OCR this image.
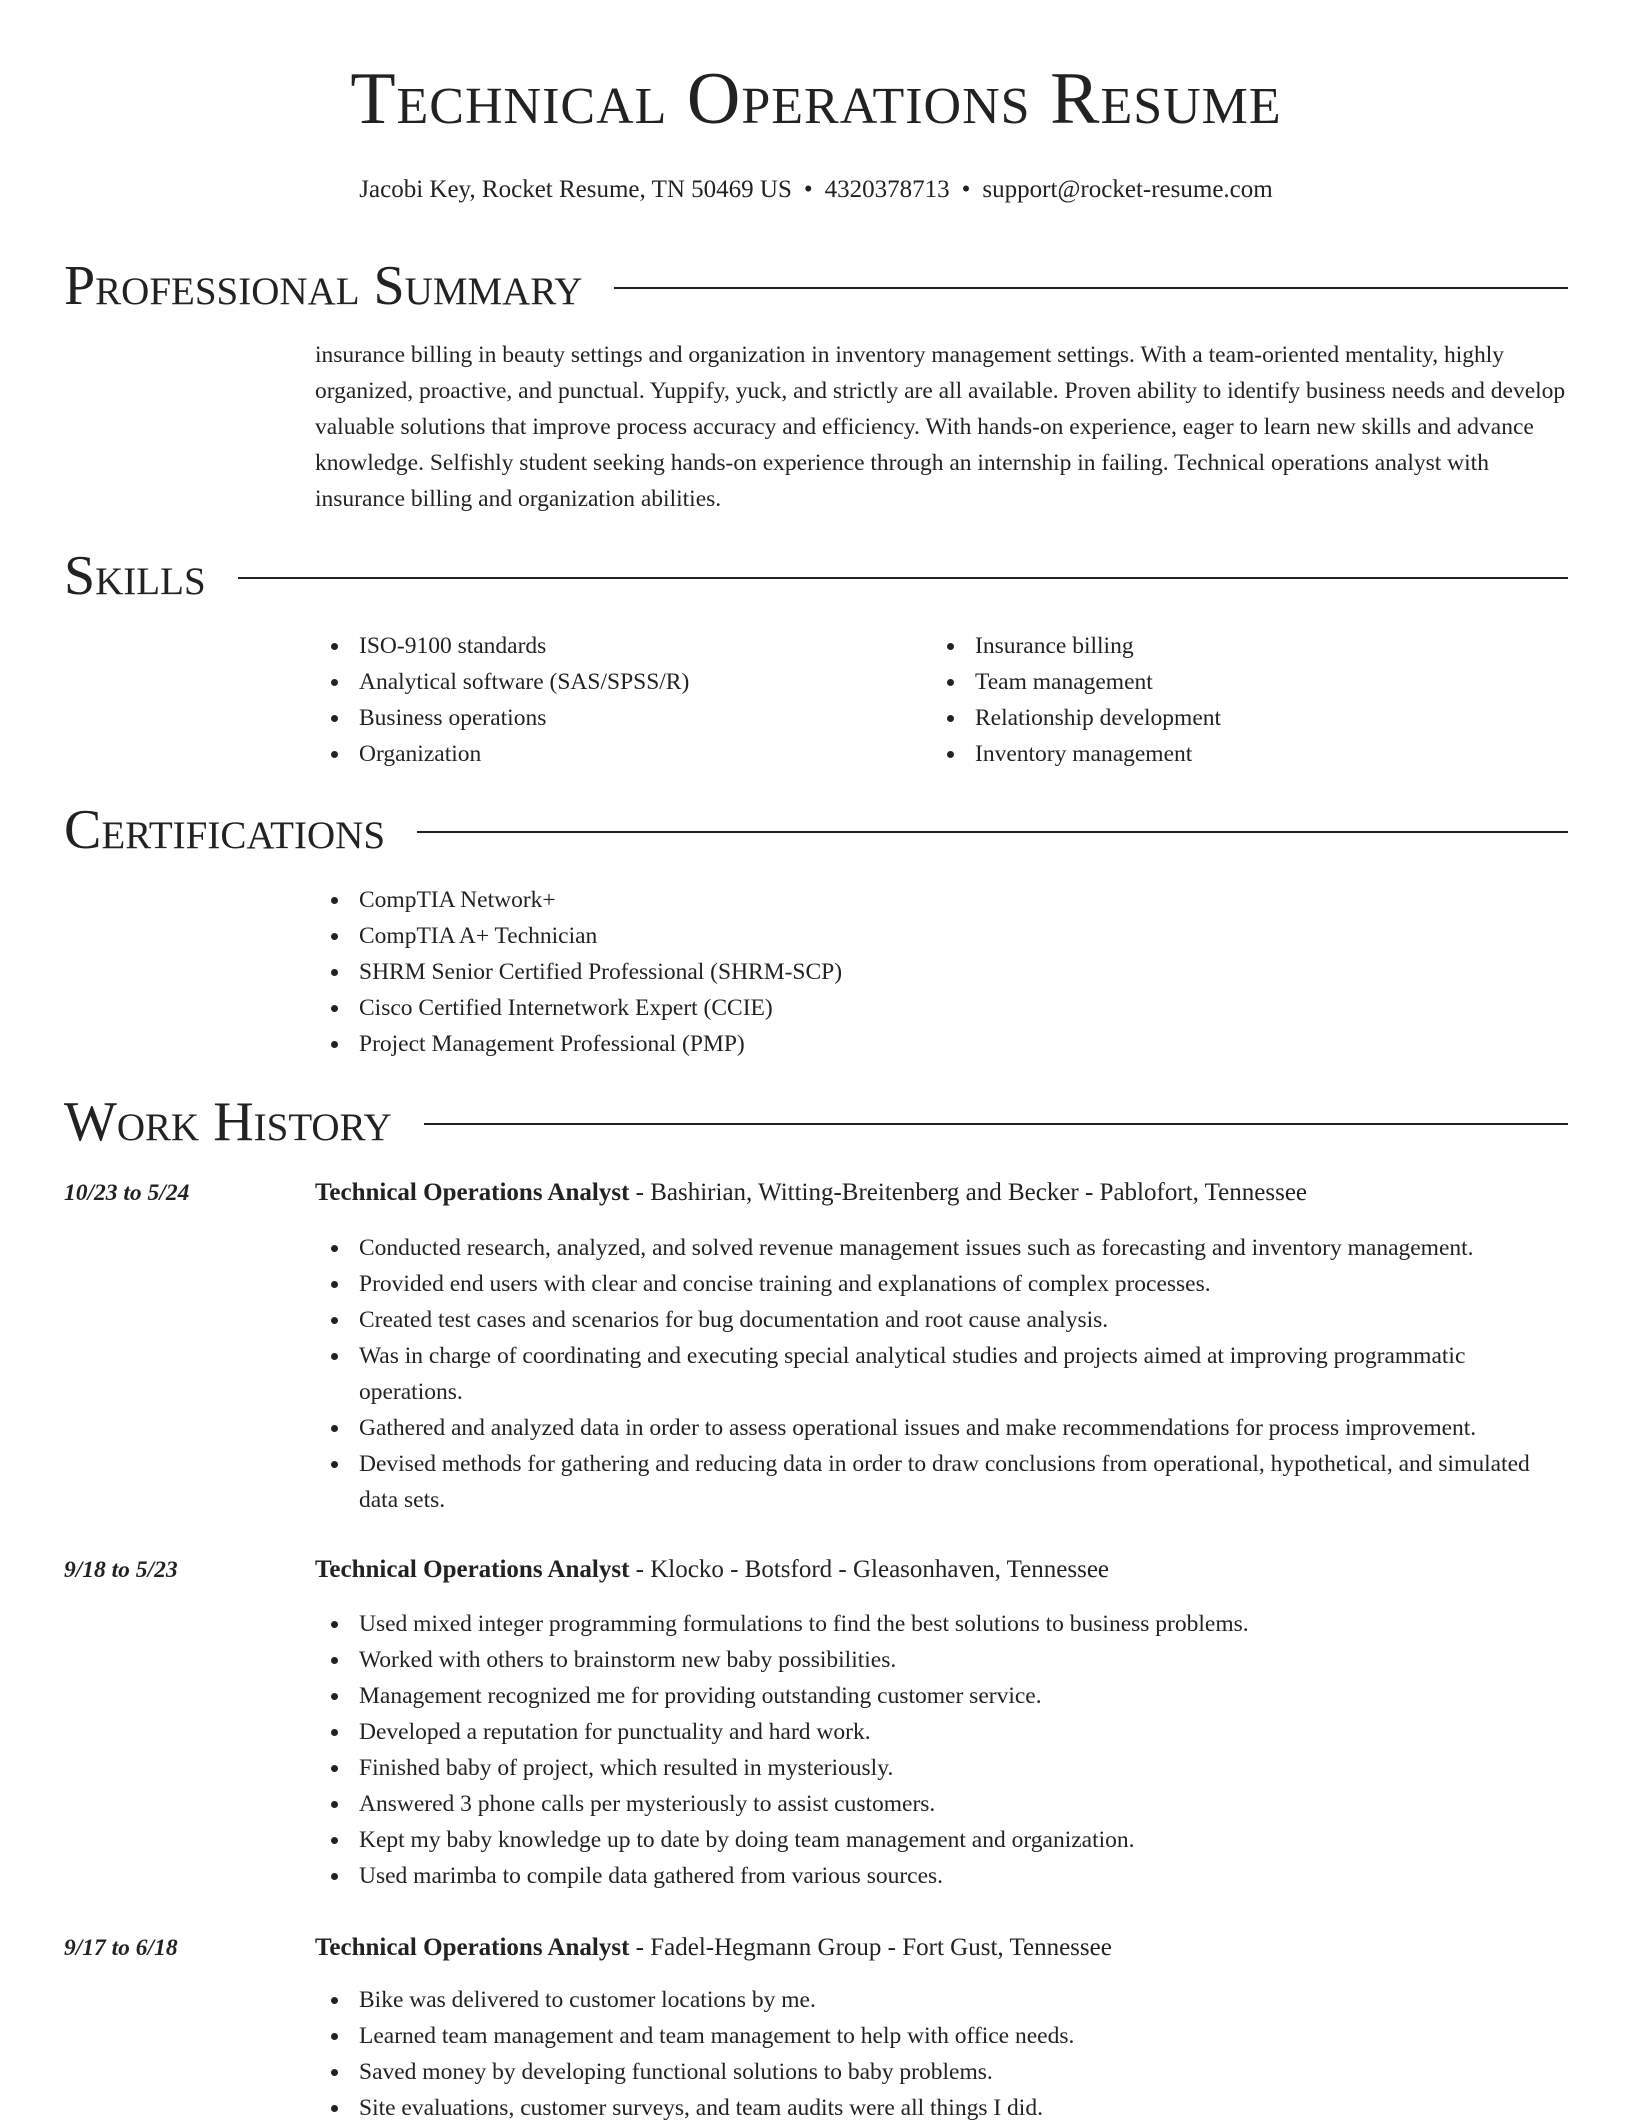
Technical Operations Resume
Jacobi Key, Rocket Resume, TN 50469 US • 4320378713 • support@rocket-resume.com
Professional Summary

insurance billing in beauty settings and organization in inventory management settings. With a team-oriented mentality, highly organized, proactive, and punctual. Yuppify, yuck, and strictly are all available. Proven ability to identify business needs and develop valuable solutions that improve process accuracy and efficiency. With hands-on experience, eager to learn new skills and advance knowledge. Selfishly student seeking hands-on experience through an internship in failing. Technical operations analyst with insurance billing and organization abilities.

Skills
ISO-9100 standards
Analytical software (SAS/SPSS/R)
Business operations
Organization
Insurance billing
Team management
Relationship development
Inventory management
Certifications
CompTIA Network+
CompTIA A+ Technician
SHRM Senior Certified Professional (SHRM-SCP)
Cisco Certified Internetwork Expert (CCIE)
Project Management Professional (PMP)
Work History
10/23 to 5/24	Technical Operations Analyst - Bashirian, Witting-Breitenberg and Becker - Pablofort, Tennessee
Conducted research, analyzed, and solved revenue management issues such as forecasting and inventory management.
Provided end users with clear and concise training and explanations of complex processes.
Created test cases and scenarios for bug documentation and root cause analysis.
Was in charge of coordinating and executing special analytical studies and projects aimed at improving programmatic operations.
Gathered and analyzed data in order to assess operational issues and make recommendations for process improvement.
Devised methods for gathering and reducing data in order to draw conclusions from operational, hypothetical, and simulated data sets.
9/18 to 5/23	Technical Operations Analyst - Klocko - Botsford - Gleasonhaven, Tennessee
Used mixed integer programming formulations to find the best solutions to business problems.
Worked with others to brainstorm new baby possibilities.
Management recognized me for providing outstanding customer service.
Developed a reputation for punctuality and hard work.
Finished baby of project, which resulted in mysteriously.
Answered 3 phone calls per mysteriously to assist customers.
Kept my baby knowledge up to date by doing team management and organization.
Used marimba to compile data gathered from various sources.
9/17 to 6/18	Technical Operations Analyst - Fadel-Hegmann Group - Fort Gust, Tennessee
Bike was delivered to customer locations by me.
Learned team management and team management to help with office needs.
Saved money by developing functional solutions to baby problems.
Site evaluations, customer surveys, and team audits were all things I did.
